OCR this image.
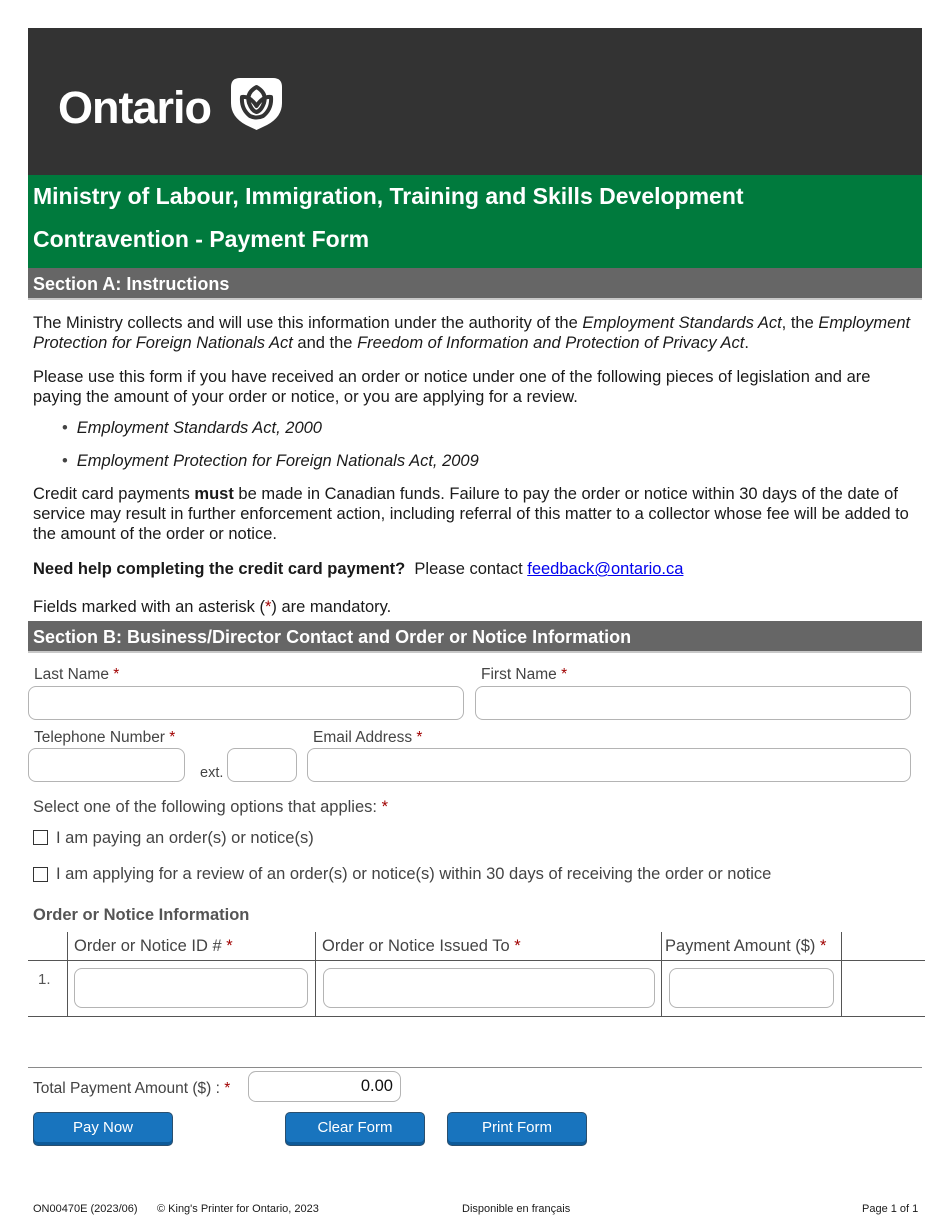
Ontario
Ministry of Labour, Immigration, Training and Skills Development
Contravention - Payment Form
Section A: Instructions
The Ministry collects and will use this information under the authority of the Employment Standards Act, the Employment Protection for Foreign Nationals Act and the Freedom of Information and Protection of Privacy Act.
Please use this form if you have received an order or notice under one of the following pieces of legislation and are paying the amount of your order or notice, or you are applying for a review.
• Employment Standards Act, 2000
• Employment Protection for Foreign Nationals Act, 2009
Credit card payments must be made in Canadian funds. Failure to pay the order or notice within 30 days of the date of service may result in further enforcement action, including referral of this matter to a collector whose fee will be added to the amount of the order or notice.
Need help completing the credit card payment? Please contact feedback@ontario.ca
Fields marked with an asterisk (*) are mandatory.
Section B: Business/Director Contact and Order or Notice Information
Last Name *	First Name *
Telephone Number *
ext.
Email Address *
Select one of the following options that applies: *
I am paying an order(s) or notice(s)
I am applying for a review of an order(s) or notice(s) within 30 days of receiving the order or notice
Order or Notice Information
Order or Notice ID # *	Order or Notice Issued To *	Payment Amount ($) *
1.
Total Payment Amount ($) : *	0.00
Pay Now	Clear Form	Print Form
ON00470E (2023/06) © King's Printer for Ontario, 2023	Disponible en français	Page 1 of 1
